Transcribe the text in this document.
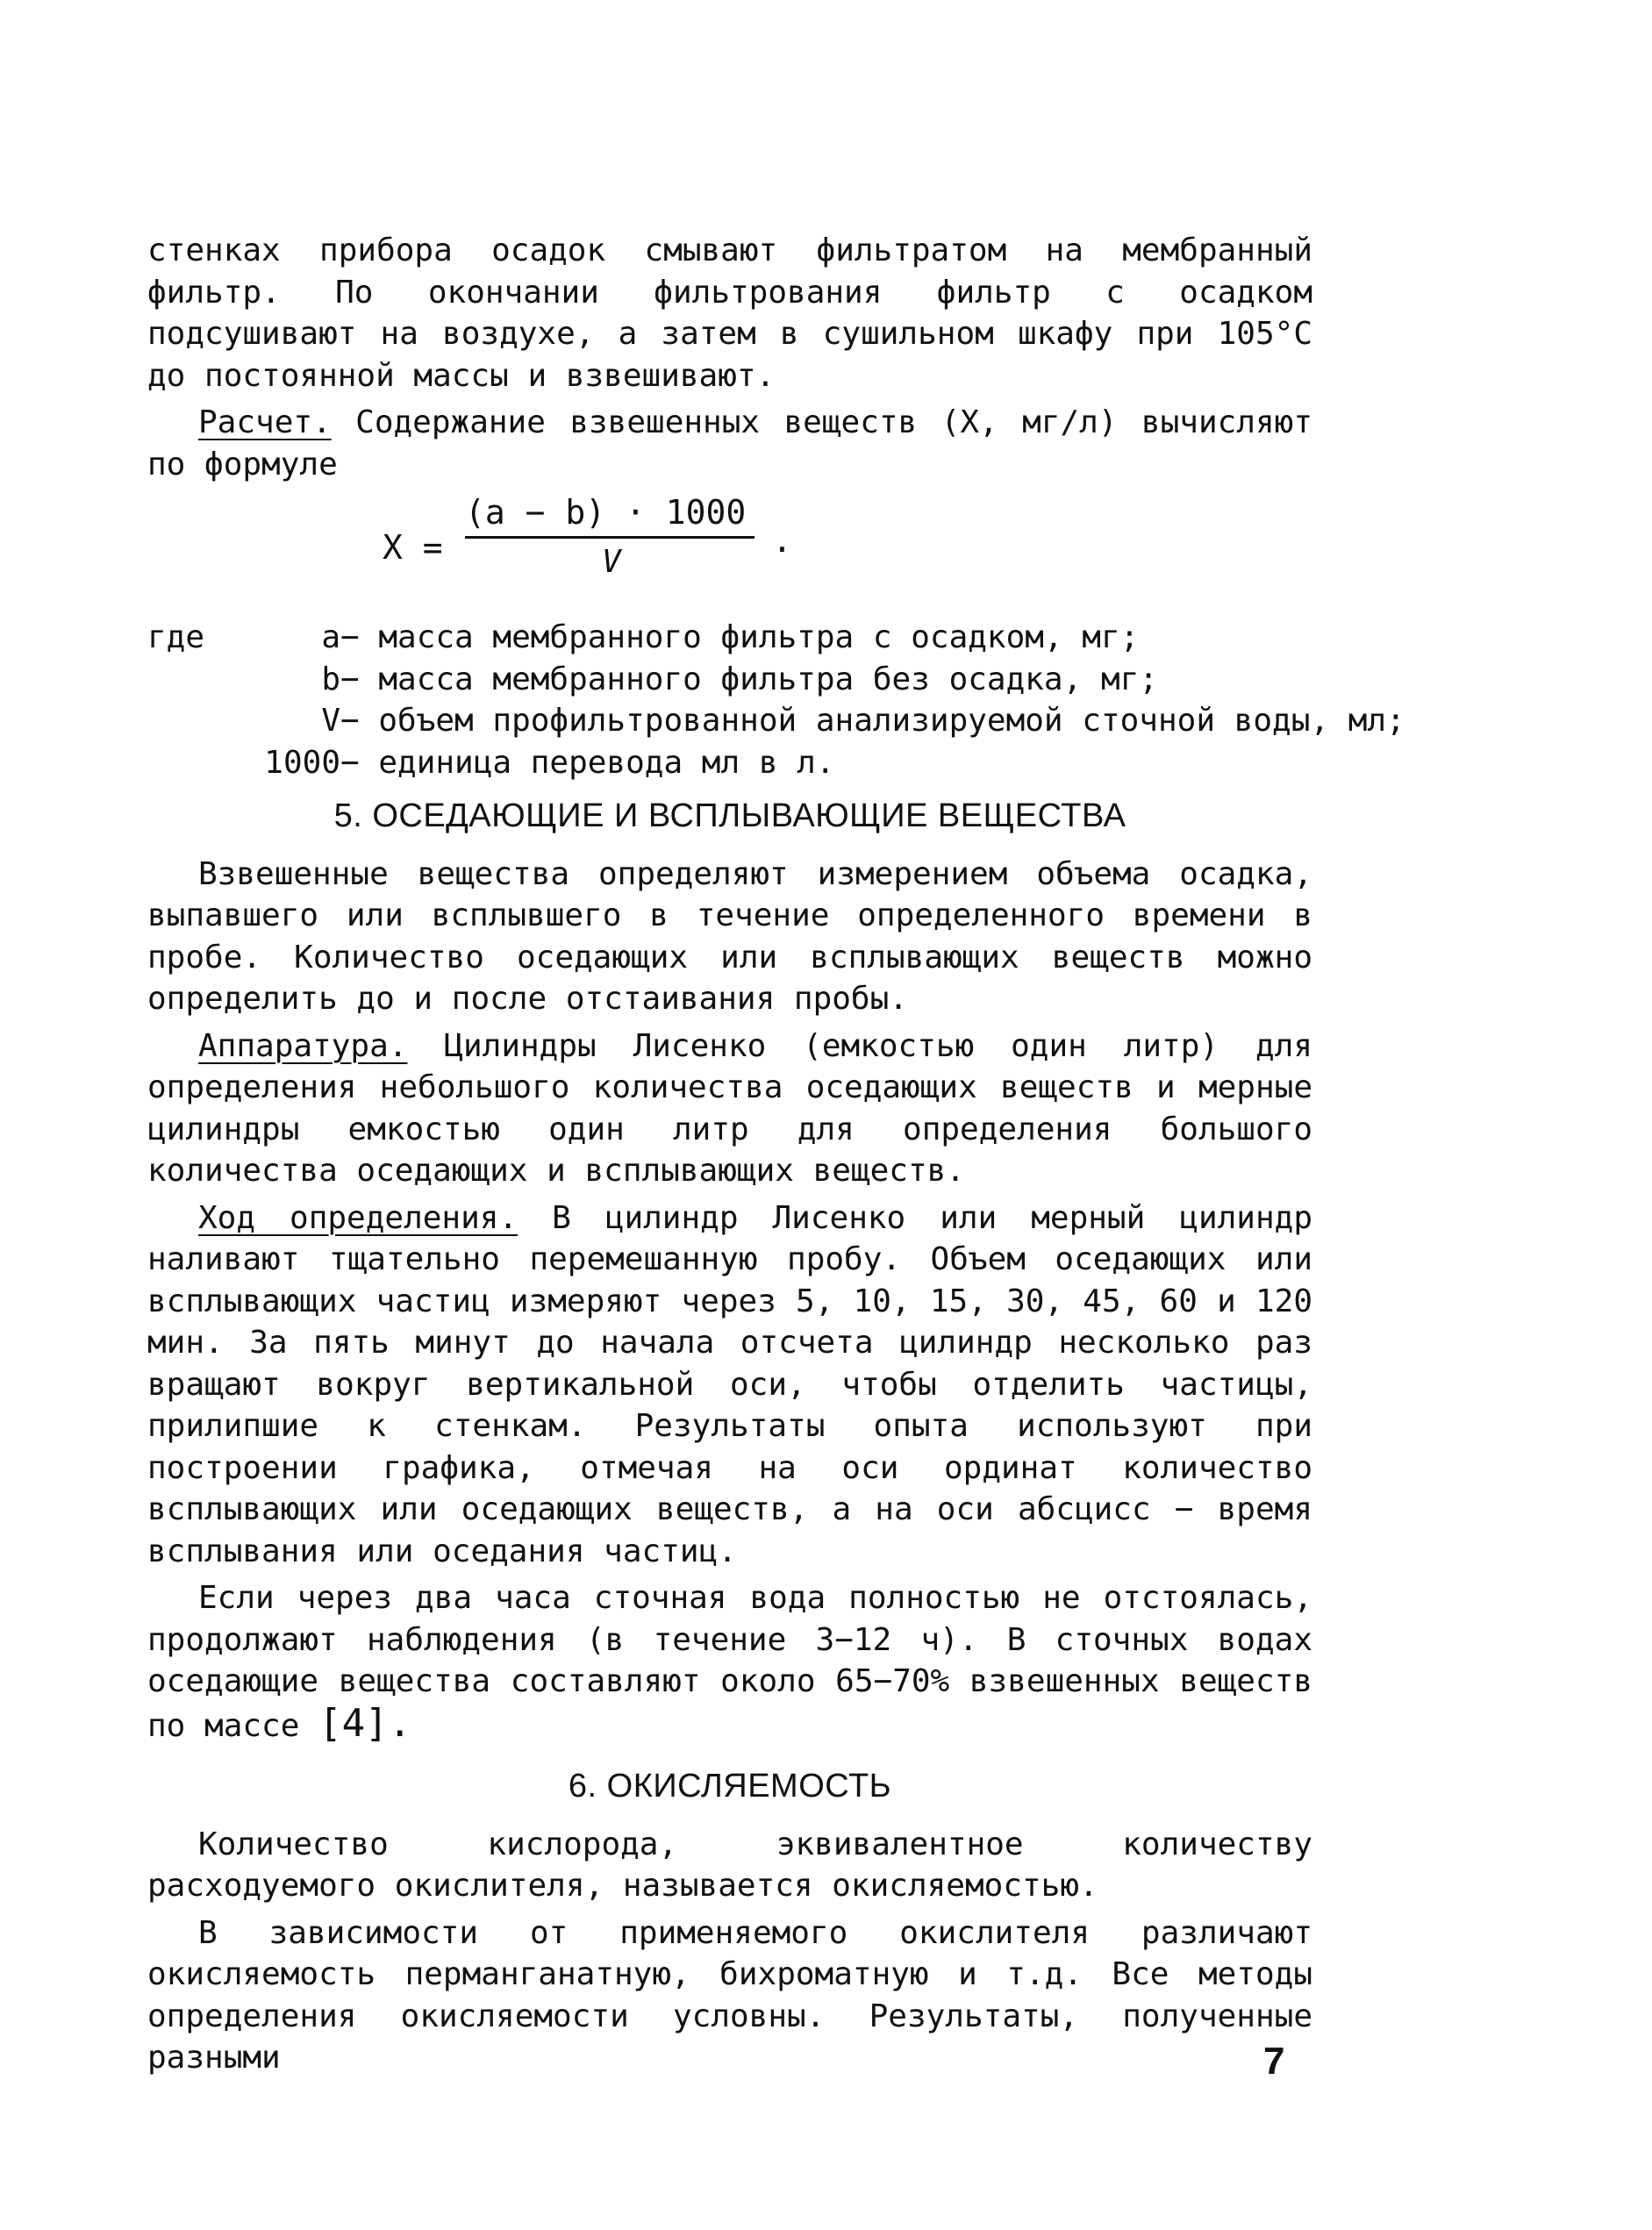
стенках прибора осадок смывают фильтратом на мембранный фильтр. По окончании фильтрования фильтр с осадком подсушивают на воздухе, а затем в сушильном шкафу при 105°С до постоянной массы и взвешивают.

Расчет. Содержание взвешенных веществ (X, мг/л) вычисляют по формуле

X =
(a − b) · 1000
V
.
где	a − масса мембранного фильтра с осадком, мг;
b − масса мембранного фильтра без осадка, мг;
V − объем профильтрованной анализируемой сточной воды, мл;
1000 − единица перевода мл в л.
5. ОСЕДАЮЩИЕ И ВСПЛЫВАЮЩИЕ ВЕЩЕСТВА

Взвешенные вещества определяют измерением объема осадка, выпавшего или всплывшего в течение определенного времени в пробе. Количество оседающих или всплывающих веществ можно определить до и после отстаивания пробы.

Аппаратура. Цилиндры Лисенко (емкостью один литр) для определения небольшого количества оседающих веществ и мерные цилиндры емкостью один литр для определения большого количества оседающих и всплывающих веществ.

Ход определения. В цилиндр Лисенко или мерный цилиндр наливают тщательно перемешанную пробу. Объем оседающих или всплывающих частиц измеряют через 5, 10, 15, 30, 45, 60 и 120 мин. За пять минут до начала отсчета цилиндр несколько раз вращают вокруг вертикальной оси, чтобы отделить частицы, прилипшие к стенкам. Результаты опыта используют при построении графика, отмечая на оси ординат количество всплывающих или оседающих веществ, а на оси абсцисс − время всплывания или оседания частиц.

Если через два часа сточная вода полностью не отстоялась, продолжают наблюдения (в течение 3−12 ч). В сточных водах оседающие вещества составляют около 65−70% взвешенных веществ по массе [4].

6. ОКИСЛЯЕМОСТЬ

Количество кислорода, эквивалентное количеству расходуемого окислителя, называется окисляемостью.

В зависимости от применяемого окислителя различают окисляемость перманганатную, бихроматную и т.д. Все методы определения окисляемости условны. Результаты, полученные разными	7
